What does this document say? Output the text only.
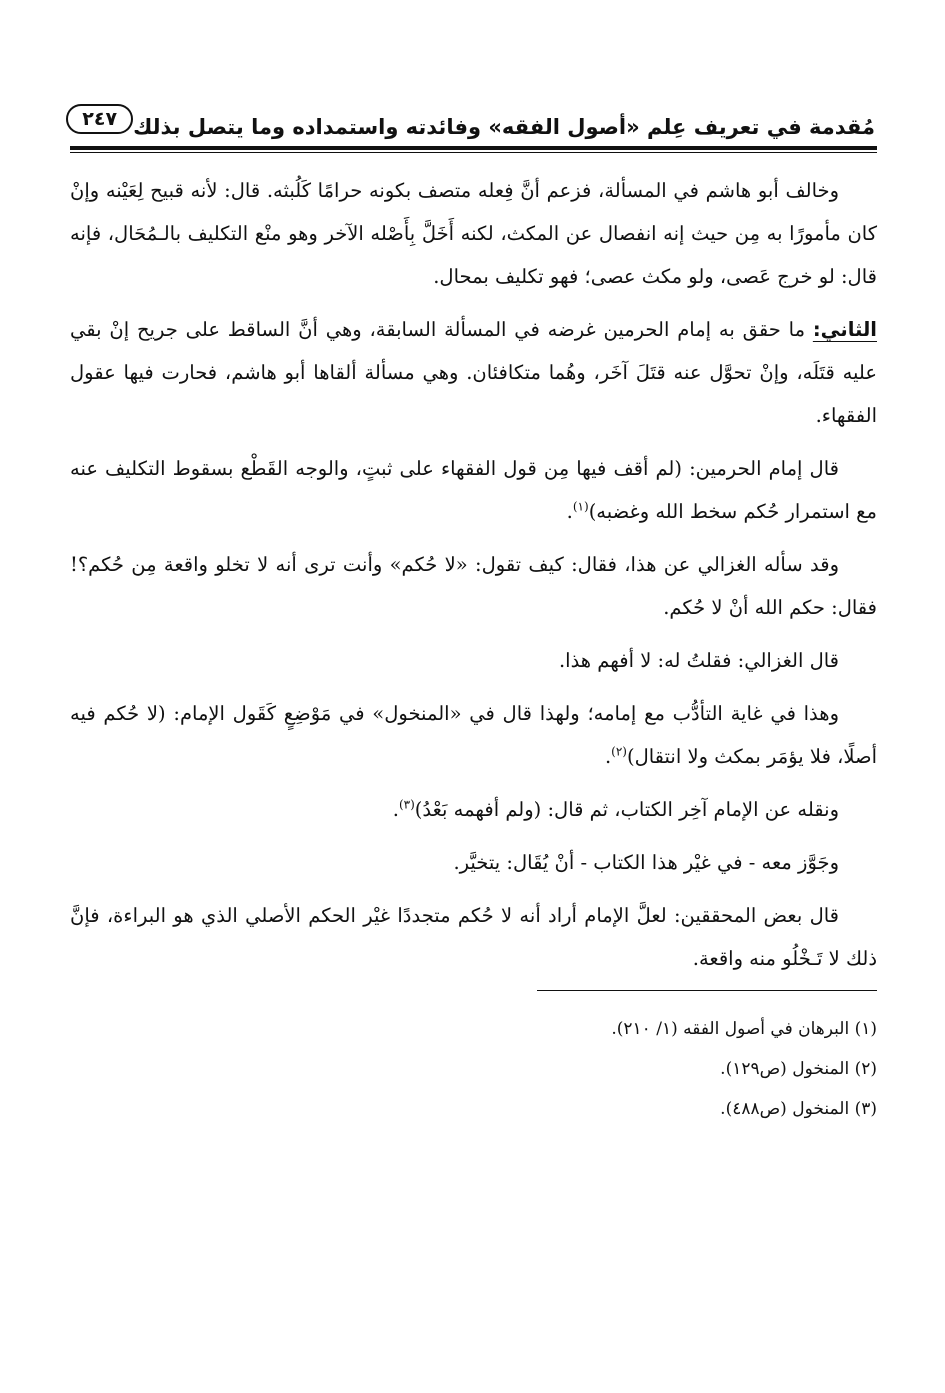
مُقدمة في تعريف عِلم «أصول الفقه» وفائدته واستمداده وما يتصل بذلك
٢٤٧

وخالف أبو هاشم في المسألة، فزعم أنَّ فِعله متصف بكونه حرامًا كَلُبثه. قال: لأنه قبيح لِعَيْنه وإنْ كان مأمورًا به مِن حيث إنه انفصال عن المكث، لكنه أَخَلَّ بِأَصْله الآخر وهو منْع التكليف بالـمُحَال، فإنه قال: لو خرج عَصى، ولو مكث عصى؛ فهو تكليف بمحال.

الثاني: ما حقق به إمام الحرمين غرضه في المسألة السابقة، وهي أنَّ الساقط على جريح إنْ بقي عليه قتَلَه، وإنْ تحوَّل عنه قتَلَ آخَر، وهُما متكافئان. وهي مسألة ألقاها أبو هاشم، فحارت فيها عقول الفقهاء.

قال إمام الحرمين: (لم أقف فيها مِن قول الفقهاء على ثبتٍ، والوجه القَطْع بسقوط التكليف عنه مع استمرار حُكم سخط الله وغضبه)$^{(١)}$.

وقد سأله الغزالي عن هذا، فقال: كيف تقول: «لا حُكم» وأنت ترى أنه لا تخلو واقعة مِن حُكم؟! فقال: حكم الله أنْ لا حُكم.

قال الغزالي: فقلتُ له: لا أفهم هذا.

وهذا في غاية التأدُّب مع إمامه؛ ولهذا قال في «المنخول» في مَوْضِعٍ كَقَول الإمام: (لا حُكم فيه أصلًا، فلا يؤمَر بمكث ولا انتقال)$^{(٢)}$.

ونقله عن الإمام آخِر الكتاب، ثم قال: (ولم أفهمه بَعْدُ)$^{(٣)}$.

وجَوَّز معه - في غيْر هذا الكتاب - أنْ يُقَال: يتخيَّر.

قال بعض المحققين: لعلَّ الإمام أراد أنه لا حُكم متجددًا غيْر الحكم الأصلي الذي هو البراءة، فإنَّ ذلك لا تَـخْلُو منه واقعة.

(١) البرهان في أصول الفقه (١/ ٢١٠).

(٢) المنخول (ص١٢٩).

(٣) المنخول (ص٤٨٨).
